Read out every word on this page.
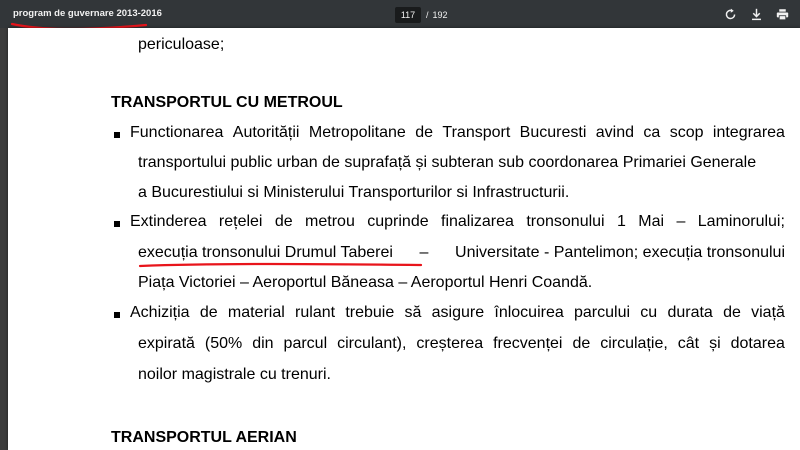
program de guvernare 2013-2016
117	/ 192
periculoase;
TRANSPORTUL CU METROUL
Functionarea Autorității Metropolitane de Transport Bucuresti avind ca scop integrarea
transportului public urban de suprafață și subteran sub coordonarea Primariei Generale
a Bucurestiului si Ministerului Transporturilor si Infrastructurii.
Extinderea rețelei de metrou cuprinde finalizarea tronsonului 1 Mai – Laminorului;
execuția tronsonului Drumul Taberei – Universitate - Pantelimon; execuția tronsonului
Piața Victoriei – Aeroportul Băneasa – Aeroportul Henri Coandă.
Achiziția de material rulant trebuie să asigure înlocuirea parcului cu durata de viață
expirată (50% din parcul circulant), creșterea frecvenței de circulație, cât și dotarea
noilor magistrale cu trenuri.
TRANSPORTUL AERIAN
